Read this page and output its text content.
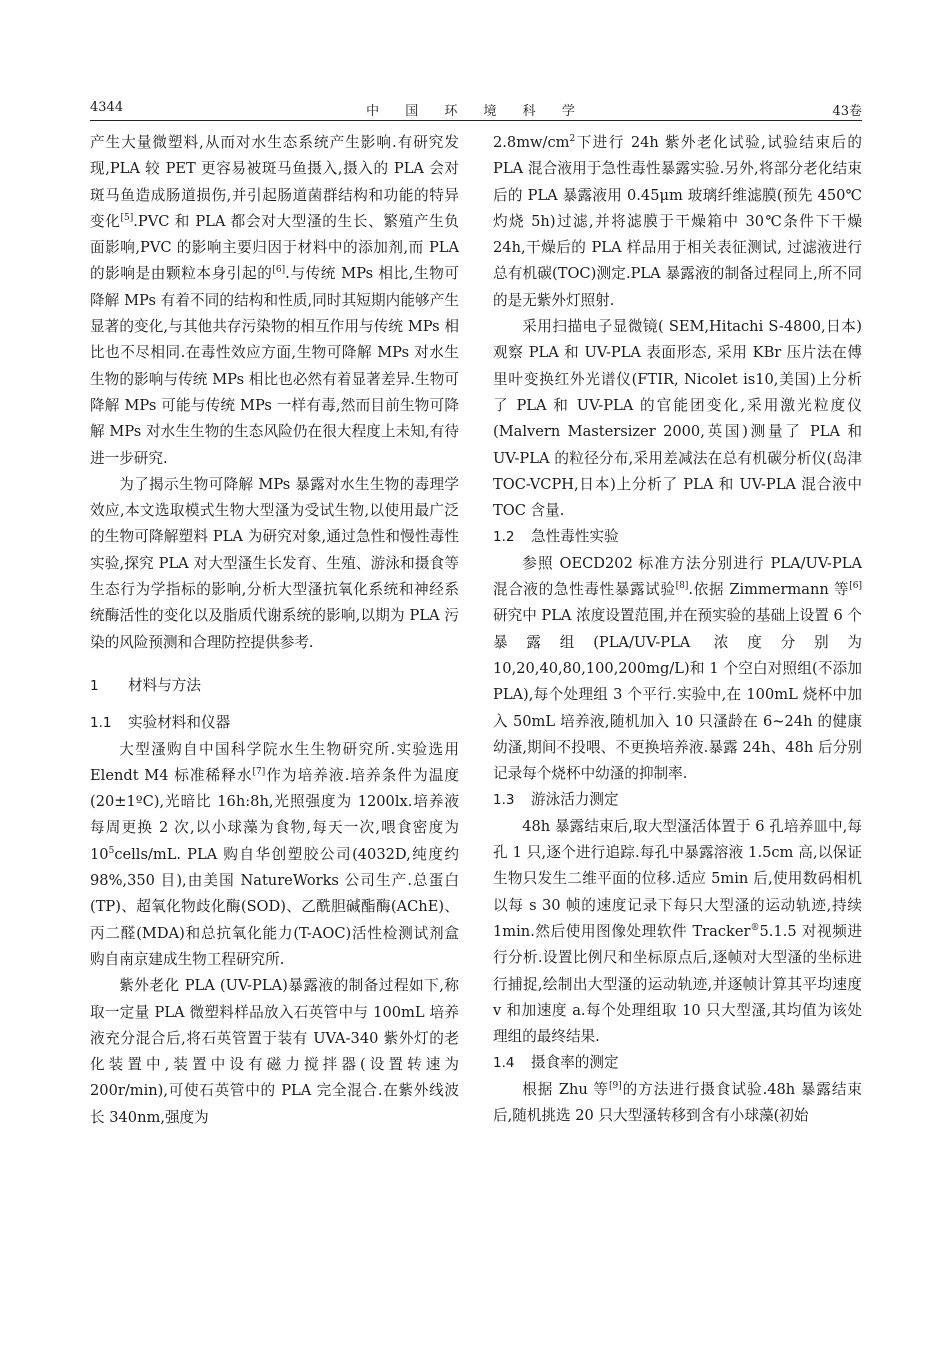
4344	中 国 环 境 科 学	43卷

产生大量微塑料,从而对水生态系统产生影响.有研究发现,PLA 较 PET 更容易被斑马鱼摄入,摄入的 PLA 会对斑马鱼造成肠道损伤,并引起肠道菌群结构和功能的特异变化[5].PVC 和 PLA 都会对大型溞的生长、繁殖产生负面影响,PVC 的影响主要归因于材料中的添加剂,而 PLA 的影响是由颗粒本身引起的[6].与传统 MPs 相比,生物可降解 MPs 有着不同的结构和性质,同时其短期内能够产生显著的变化,与其他共存污染物的相互作用与传统 MPs 相比也不尽相同.在毒性效应方面,生物可降解 MPs 对水生生物的影响与传统 MPs 相比也必然有着显著差异.生物可降解 MPs 可能与传统 MPs 一样有毒,然而目前生物可降解 MPs 对水生生物的生态风险仍在很大程度上未知,有待进一步研究.

为了揭示生物可降解 MPs 暴露对水生生物的毒理学效应,本文选取模式生物大型溞为受试生物,以使用最广泛的生物可降解塑料 PLA 为研究对象,通过急性和慢性毒性实验,探究 PLA 对大型溞生长发育、生殖、游泳和摄食等生态行为学指标的影响,分析大型溞抗氧化系统和神经系统酶活性的变化以及脂质代谢系统的影响,以期为 PLA 污染的风险预测和合理防控提供参考.

1 材料与方法
1.1 实验材料和仪器

大型溞购自中国科学院水生生物研究所.实验选用 Elendt M4 标准稀释水[7]作为培养液.培养条件为温度(20±1ºC),光暗比 16h:8h,光照强度为 1200lx.培养液每周更换 2 次,以小球藻为食物,每天一次,喂食密度为 $10^5cells/mL$. PLA 购自华创塑胶公司(4032D,纯度约 98%,350 目),由美国 NatureWorks 公司生产.总蛋白(TP)、超氧化物歧化酶(SOD)、乙酰胆碱酯酶(AChE)、丙二醛(MDA)和总抗氧化能力(T-AOC)活性检测试剂盒购自南京建成生物工程研究所.

紫外老化 PLA (UV-PLA)暴露液的制备过程如下,称取一定量 PLA 微塑料样品放入石英管中与 100mL 培养液充分混合后,将石英管置于装有 UVA-340 紫外灯的老化装置中,装置中设有磁力搅拌器(设置转速为 200r/min),可使石英管中的 PLA 完全混合.在紫外线波长 340nm,强度为

$2.8mw/cm^2$下进行 24h 紫外老化试验,试验结束后的 PLA 混合液用于急性毒性暴露实验.另外,将部分老化结束后的 PLA 暴露液用 0.45μm 玻璃纤维滤膜(预先 450℃灼烧 5h)过滤,并将滤膜于干燥箱中 30℃条件下干燥 24h,干燥后的 PLA 样品用于相关表征测试, 过滤液进行总有机碳(TOC)测定.PLA 暴露液的制备过程同上,所不同的是无紫外灯照射.

采用扫描电子显微镜( SEM,Hitachi S-4800,日本) 观察 PLA 和 UV-PLA 表面形态, 采用 KBr 压片法在傅里叶变换红外光谱仪(FTIR, Nicolet is10,美国)上分析了 PLA 和 UV-PLA 的官能团变化,采用激光粒度仪(Malvern Mastersizer 2000,英国)测量了 PLA 和 UV-PLA 的粒径分布,采用差减法在总有机碳分析仪(岛津 TOC-VCPH,日本)上分析了 PLA 和 UV-PLA 混合液中 TOC 含量.

1.2 急性毒性实验

参照 OECD202 标准方法分别进行 PLA/UV-PLA 混合液的急性毒性暴露试验[8].依据 Zimmermann 等[6]研究中 PLA 浓度设置范围,并在预实验的基础上设置 6 个暴露组(PLA/UV-PLA 浓度分别为 10,20,40,80,100,200mg/L)和 1 个空白对照组(不添加 PLA),每个处理组 3 个平行.实验中,在 100mL 烧杯中加入 50mL 培养液,随机加入 10 只溞龄在 6~24h 的健康幼溞,期间不投喂、不更换培养液.暴露 24h、48h 后分别记录每个烧杯中幼溞的抑制率.

1.3 游泳活力测定

48h 暴露结束后,取大型溞活体置于 6 孔培养皿中,每孔 1 只,逐个进行追踪.每孔中暴露溶液 1.5cm 高,以保证生物只发生二维平面的位移.适应 5min 后,使用数码相机以每 s 30 帧的速度记录下每只大型溞的运动轨迹,持续 1min.然后使用图像处理软件 Tracker®5.1.5 对视频进行分析.设置比例尺和坐标原点后,逐帧对大型溞的坐标进行捕捉,绘制出大型溞的运动轨迹,并逐帧计算其平均速度 v 和加速度 a.每个处理组取 10 只大型溞,其均值为该处理组的最终结果.

1.4 摄食率的测定

根据 Zhu 等[9]的方法进行摄食试验.48h 暴露结束后,随机挑选 20 只大型溞转移到含有小球藻(初始
